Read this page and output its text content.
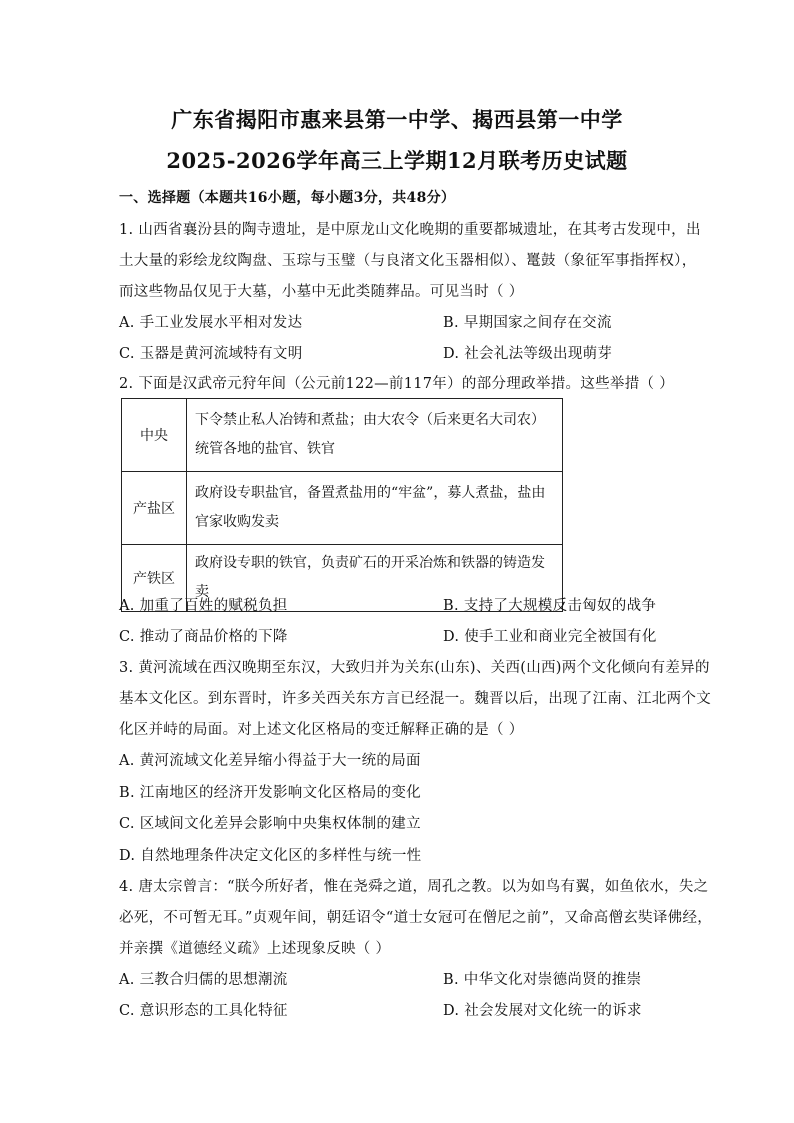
广东省揭阳市惠来县第一中学、揭西县第一中学
2025-2026学年高三上学期12月联考历史试题
一、选择题（本题共16小题，每小题3分，共48分）
1. 山西省襄汾县的陶寺遗址，是中原龙山文化晚期的重要都城遗址，在其考古发现中，出
土大量的彩绘龙纹陶盘、玉琮与玉璧（与良渚文化玉器相似）、鼍鼓（象征军事指挥权），
而这些物品仅见于大墓，小墓中无此类随葬品。可见当时（ ）
A. 手工业发展水平相对发达	B. 早期国家之间存在交流
C. 玉器是黄河流域特有文明	D. 社会礼法等级出现萌芽
2. 下面是汉武帝元狩年间（公元前122—前117年）的部分理政举措。这些举措（ ）
中央	下令禁止私人冶铸和煮盐；由大农令（后来更名大司农）统管各地的盐官、铁官
产盐区	政府设专职盐官，备置煮盐用的“牢盆”，募人煮盐，盐由官家收购发卖
产铁区	政府设专职的铁官，负责矿石的开采冶炼和铁器的铸造发卖
A. 加重了百姓的赋税负担	B. 支持了大规模反击匈奴的战争
C. 推动了商品价格的下降	D. 使手工业和商业完全被国有化
3. 黄河流域在西汉晚期至东汉，大致归并为关东(山东)、关西(山西)两个文化倾向有差异的
基本文化区。到东晋时，许多关西关东方言已经混一。魏晋以后，出现了江南、江北两个文
化区并峙的局面。对上述文化区格局的变迁解释正确的是（ ）
A. 黄河流域文化差异缩小得益于大一统的局面
B. 江南地区的经济开发影响文化区格局的变化
C. 区域间文化差异会影响中央集权体制的建立
D. 自然地理条件决定文化区的多样性与统一性
4. 唐太宗曾言：“朕今所好者，惟在尧舜之道，周孔之教。以为如鸟有翼，如鱼依水，失之
必死，不可暂无耳。”贞观年间，朝廷诏令“道士女冠可在僧尼之前”，又命高僧玄奘译佛经，
并亲撰《道德经义疏》上述现象反映（ ）
A. 三教合归儒的思想潮流	B. 中华文化对崇德尚贤的推崇
C. 意识形态的工具化特征	D. 社会发展对文化统一的诉求
